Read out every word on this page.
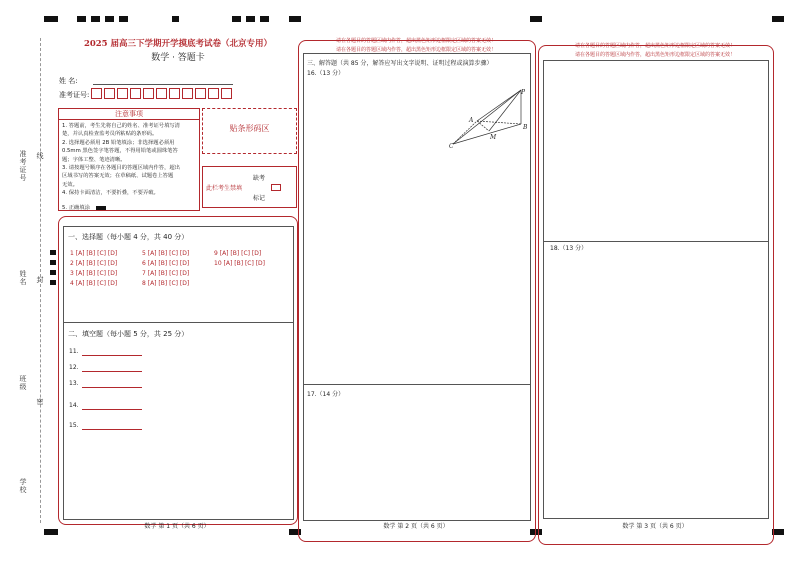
准考证号 线
姓名 封
班级
密
学校
2025 届高三下学期开学摸底考试卷（北京专用）
数学 · 答题卡
姓 名:
准考证号:
注意事项
1. 答题前，考生先将自己的姓名、准考证号填写清
楚，并认真检查监考员所粘贴的条形码。
2. 选择题必须用 2B 铅笔填涂；非选择题必须用
0.5mm 黑色签字笔答题，不得用铅笔或圆珠笔答
题；字体工整、笔迹清晰。
3. 请按题号顺序在各题目的答题区域内作答，超出
区域书写的答案无效；在草稿纸、试题卷上答题
无效。
4. 保持卡面清洁，不要折叠，不要弄破。
5. 正确填涂
贴条形码区
此栏考生禁填
缺考
标记
一、选择题（每小题 4 分，共 40 分）
1 [A] [B] [C] [D]
2 [A] [B] [C] [D]
3 [A] [B] [C] [D]
4 [A] [B] [C] [D]
5 [A] [B] [C] [D]
6 [A] [B] [C] [D]
7 [A] [B] [C] [D]
8 [A] [B] [C] [D]
9 [A] [B] [C] [D]
10 [A] [B] [C] [D]
二、填空题（每小题 5 分，共 25 分）
11.
12.
13.
14.
15.
数学 第 1 页（共 6 页）
请在各题目的答题区域内作答，超出黑色矩形边框限定区域的答案无效！
请在各题目的答题区域内作答，超出黑色矩形边框限定区域的答案无效！
三、解答题（共 85 分，解答应写出文字说明、证明过程或演算步骤）
16.（13 分）
P
A
B
C
M
17.（14 分）
数学 第 2 页（共 6 页）
请在各题目的答题区域内作答，超出黑色矩形边框限定区域的答案无效！
请在各题目的答题区域内作答，超出黑色矩形边框限定区域的答案无效！
18.（13 分）
数学 第 3 页（共 6 页）
